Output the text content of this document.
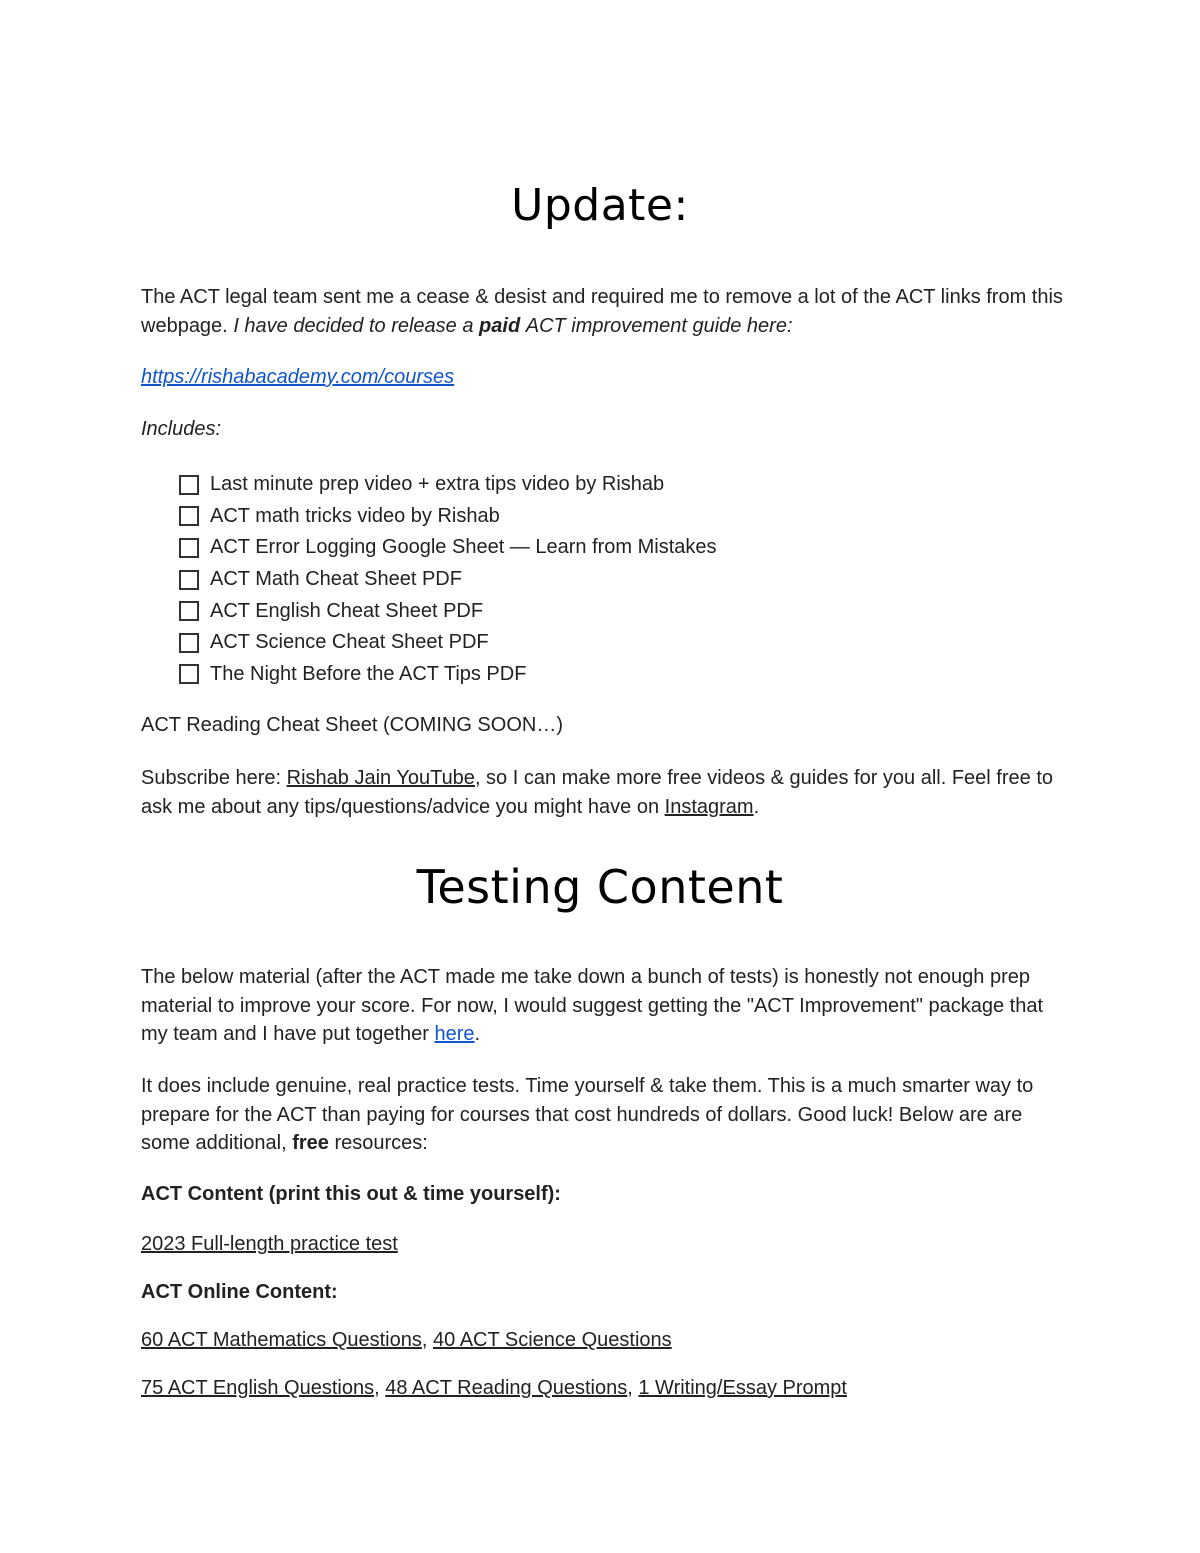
Update:

The ACT legal team sent me a cease & desist and required me to remove a lot of the ACT links from this webpage. I have decided to release a paid ACT improvement guide here:

https://rishabacademy.com/courses

Includes:

Last minute prep video + extra tips video by Rishab
ACT math tricks video by Rishab
ACT Error Logging Google Sheet — Learn from Mistakes
ACT Math Cheat Sheet PDF
ACT English Cheat Sheet PDF
ACT Science Cheat Sheet PDF
The Night Before the ACT Tips PDF

ACT Reading Cheat Sheet (COMING SOON…)

Subscribe here: Rishab Jain YouTube, so I can make more free videos & guides for you all. Feel free to ask me about any tips/questions/advice you might have on Instagram.

Testing Content

The below material (after the ACT made me take down a bunch of tests) is honestly not enough prep material to improve your score. For now, I would suggest getting the "ACT Improvement" package that my team and I have put together here.

It does include genuine, real practice tests. Time yourself & take them. This is a much smarter way to prepare for the ACT than paying for courses that cost hundreds of dollars. Good luck! Below are are some additional, free resources:

ACT Content (print this out & time yourself):

2023 Full-length practice test

ACT Online Content:

60 ACT Mathematics Questions, 40 ACT Science Questions

75 ACT English Questions, 48 ACT Reading Questions, 1 Writing/Essay Prompt
